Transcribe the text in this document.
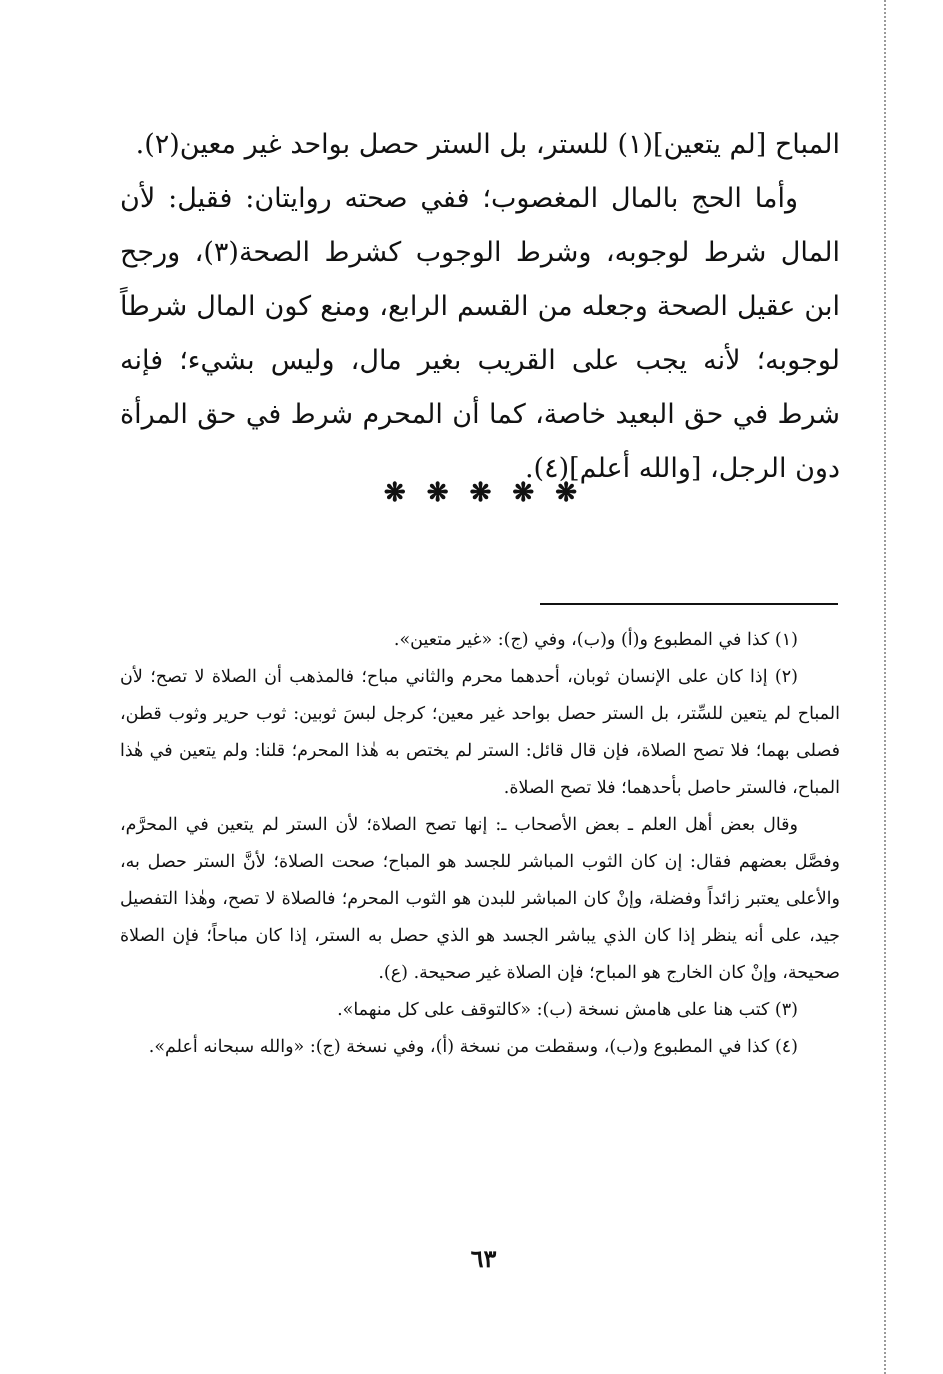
المباح [لم يتعين](١) للستر، بل الستر حصل بواحد غير معين(٢).

وأما الحج بالمال المغصوب؛ ففي صحته روايتان: فقيل: لأن المال شرط لوجوبه، وشرط الوجوب كشرط الصحة(٣)، ورجح ابن عقيل الصحة وجعله من القسم الرابع، ومنع كون المال شرطاً لوجوبه؛ لأنه يجب على القريب بغير مال، وليس بشيء؛ فإنه شرط في حق البعيد خاصة، كما أن المحرم شرط في حق المرأة دون الرجل، [والله أعلم](٤).

❋ ❋ ❋ ❋ ❋

(١) كذا في المطبوع و(أ) و(ب)، وفي (ج): «غير متعين».

(٢) إذا كان على الإنسان ثوبان، أحدهما محرم والثاني مباح؛ فالمذهب أن الصلاة لا تصح؛ لأن المباح لم يتعين للسِّتر، بل الستر حصل بواحد غير معين؛ كرجل لبسَ ثوبين: ثوب حرير وثوب قطن، فصلى بهما؛ فلا تصح الصلاة، فإن قال قائل: الستر لم يختص به هٰذا المحرم؛ قلنا: ولم يتعين في هٰذا المباح، فالستر حاصل بأحدهما؛ فلا تصح الصلاة.

وقال بعض أهل العلم ـ بعض الأصحاب ـ: إنها تصح الصلاة؛ لأن الستر لم يتعين في المحرَّم، وفصَّل بعضهم فقال: إن كان الثوب المباشر للجسد هو المباح؛ صحت الصلاة؛ لأنَّ الستر حصل به، والأعلى يعتبر زائداً وفضلة، وإنْ كان المباشر للبدن هو الثوب المحرم؛ فالصلاة لا تصح، وهٰذا التفصيل جيد، على أنه ينظر إذا كان الذي يباشر الجسد هو الذي حصل به الستر، إذا كان مباحاً؛ فإن الصلاة صحيحة، وإنْ كان الخارج هو المباح؛ فإن الصلاة غير صحيحة. (ع).

(٣) كتب هنا على هامش نسخة (ب): «كالتوقف على كل منهما».

(٤) كذا في المطبوع و(ب)، وسقطت من نسخة (أ)، وفي نسخة (ج): «والله سبحانه أعلم».

٦٣
